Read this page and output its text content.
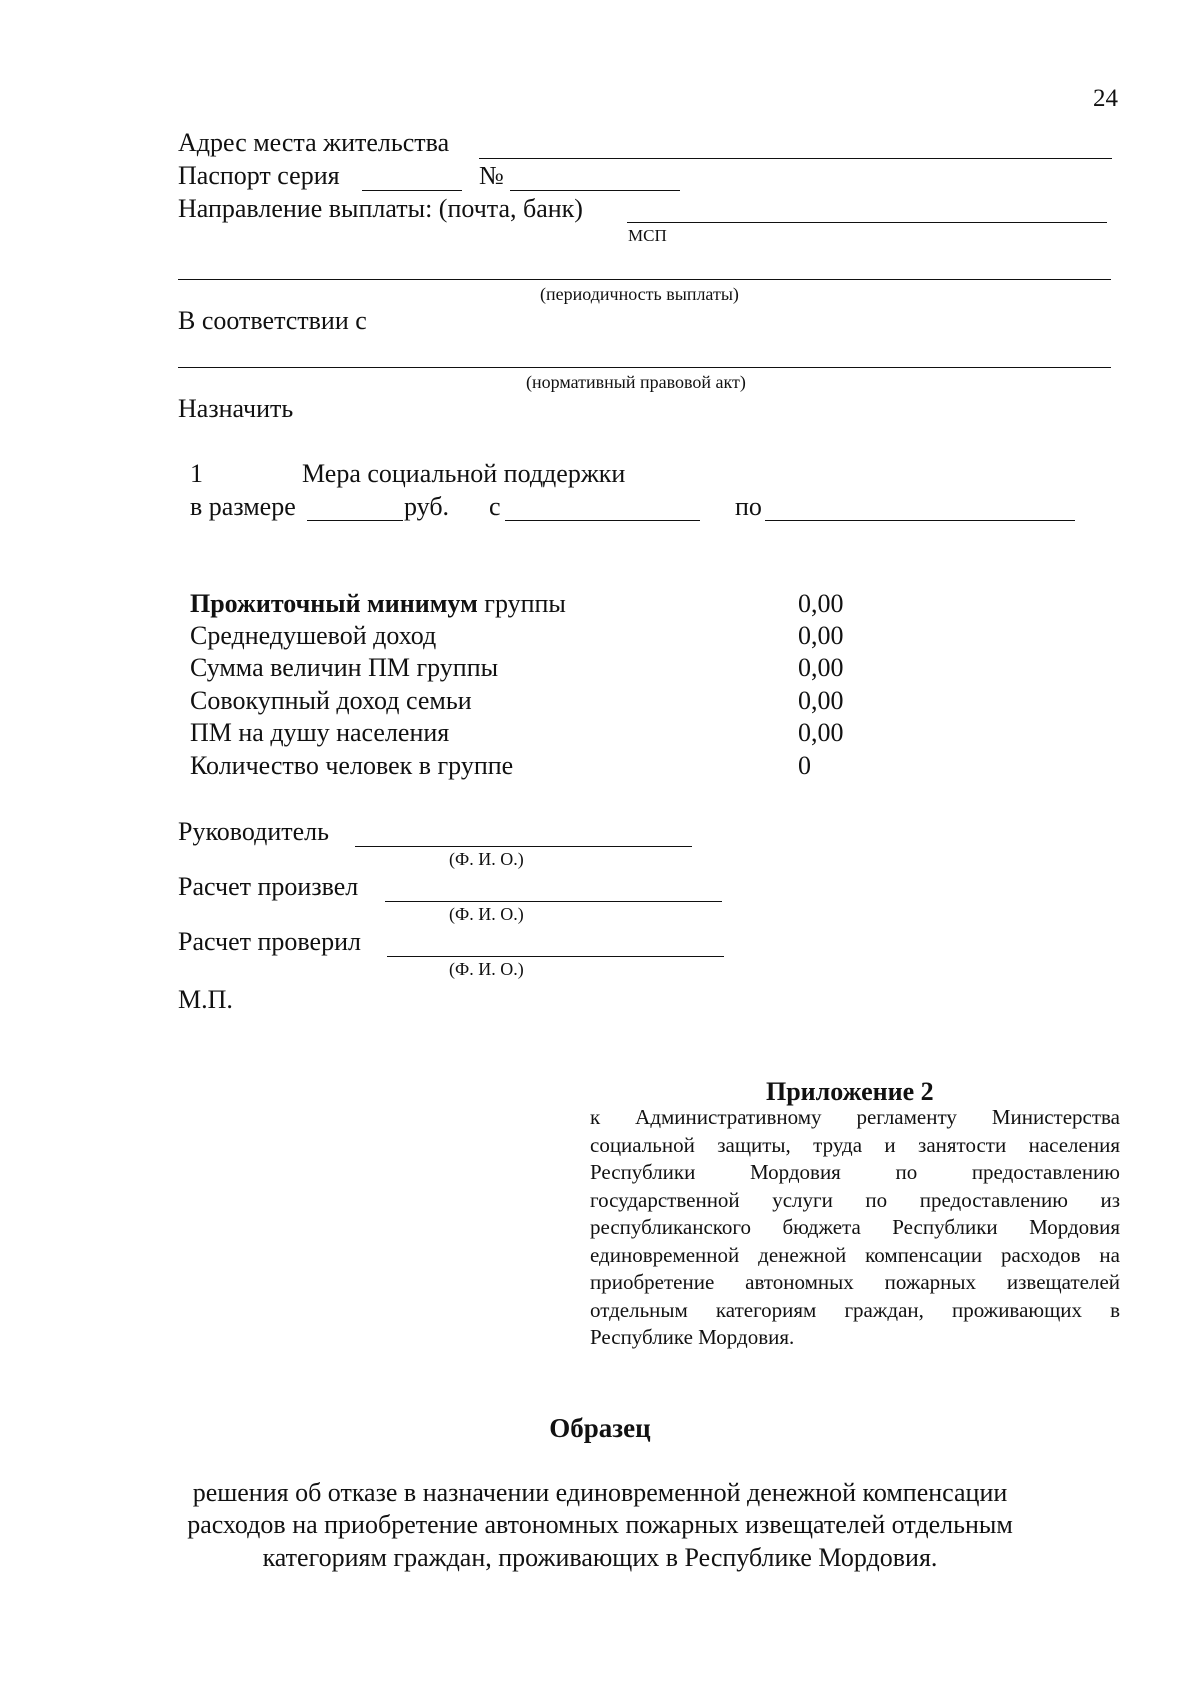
24
Адрес места жительства
Паспорт серия	№
Направление выплаты: (почта, банк)
МСП
(периодичность выплаты)
В соответствии с
(нормативный правовой акт)
Назначить
1	Мера социальной поддержки
в размере	руб. с	по
Прожиточный минимум группы	0,00
Среднедушевой доход	0,00
Сумма величин ПМ группы	0,00
Совокупный доход семьи	0,00
ПМ на душу населения	0,00
Количество человек в группе	0
Руководитель
(Ф. И. О.)
Расчет произвел
(Ф. И. О.)
Расчет проверил
(Ф. И. О.)
М.П.
Приложение 2
к Административному регламенту Министерства социальной защиты, труда и занятости населения Республики Мордовия по предоставлению государственной услуги по предоставлению из республиканского бюджета Республики Мордовия единовременной денежной компенсации расходов на приобретение автономных пожарных извещателей отдельным категориям граждан, проживающих в Республике Мордовия.
Образец
решения об отказе в назначении единовременной денежной компенсации
расходов на приобретение автономных пожарных извещателей отдельным
категориям граждан, проживающих в Республике Мордовия.
